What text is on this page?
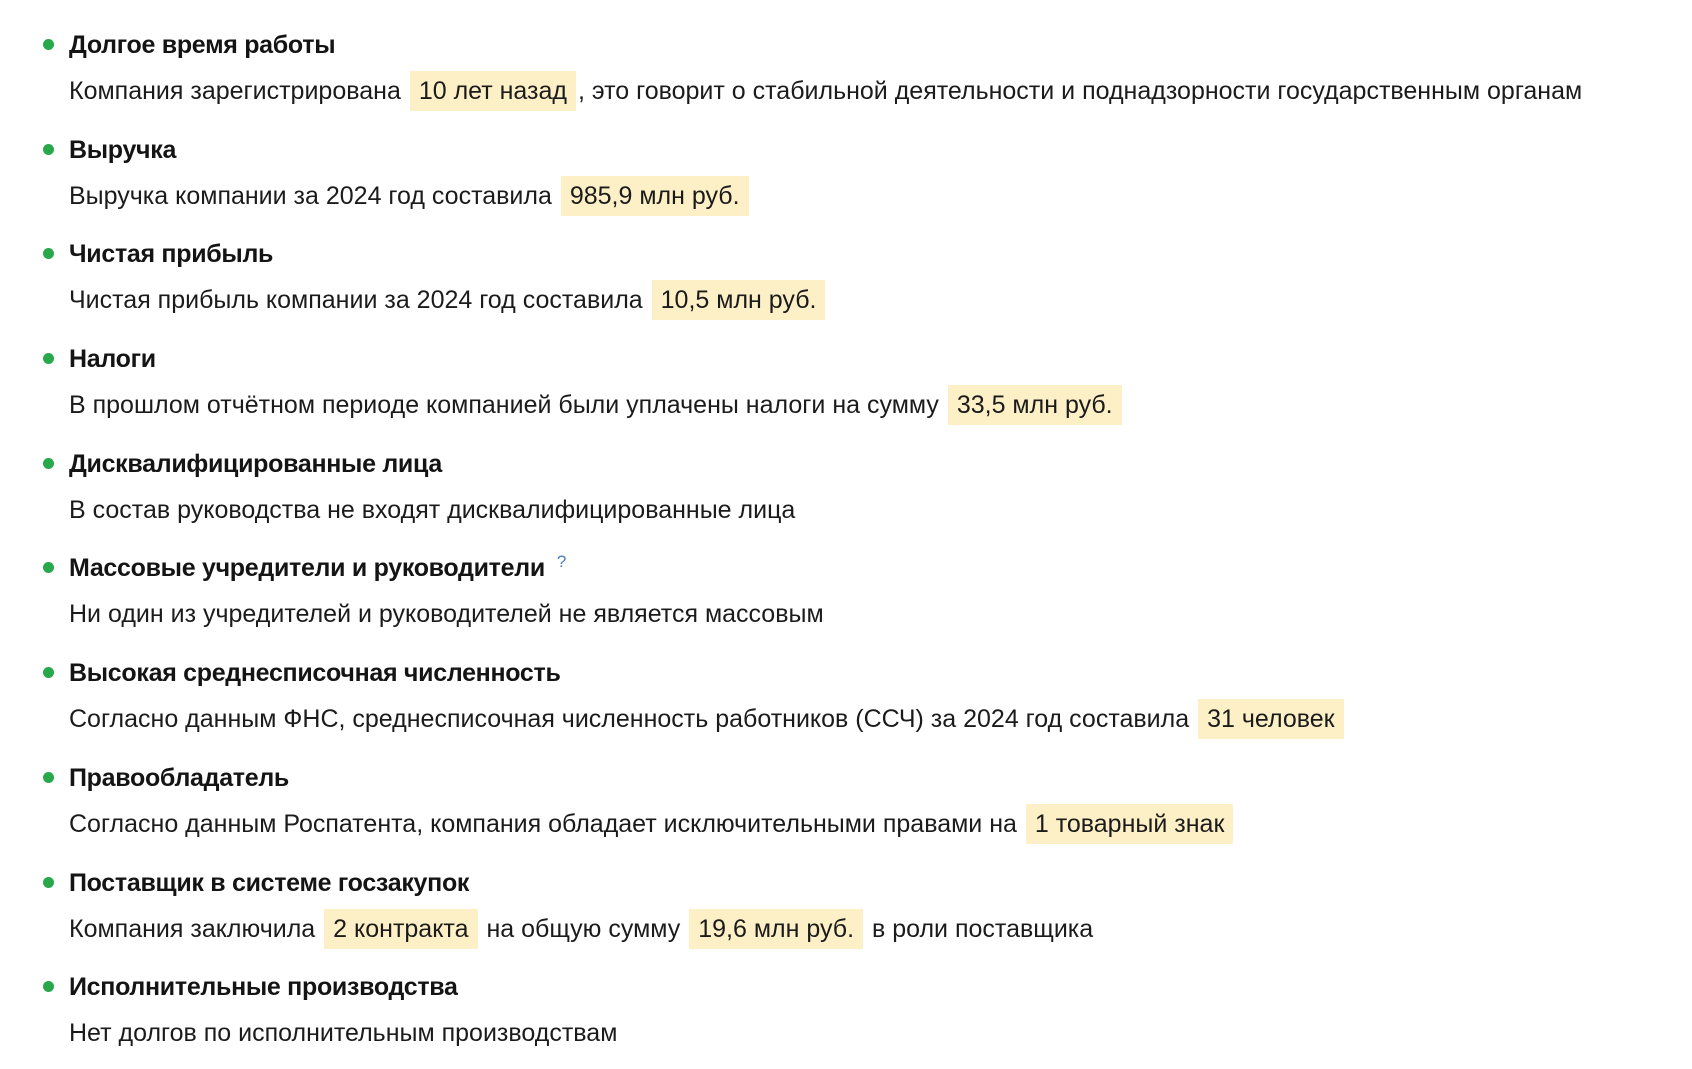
Долгое время работы
Компания зарегистрирована 10 лет назад , это говорит о стабильной деятельности и поднадзорности государственным органам
Выручка
Выручка компании за 2024 год составила 985,9 млн руб.
Чистая прибыль
Чистая прибыль компании за 2024 год составила 10,5 млн руб.
Налоги
В прошлом отчётном периоде компанией были уплачены налоги на сумму 33,5 млн руб.
Дисквалифицированные лица
В состав руководства не входят дисквалифицированные лица
Массовые учредители и руководители ?
Ни один из учредителей и руководителей не является массовым
Высокая среднесписочная численность
Согласно данным ФНС, среднесписочная численность работников (ССЧ) за 2024 год составила 31 человек
Правообладатель
Согласно данным Роспатента, компания обладает исключительными правами на 1 товарный знак
Поставщик в системе госзакупок
Компания заключила 2 контракта на общую сумму 19,6 млн руб. в роли поставщика
Исполнительные производства
Нет долгов по исполнительным производствам
